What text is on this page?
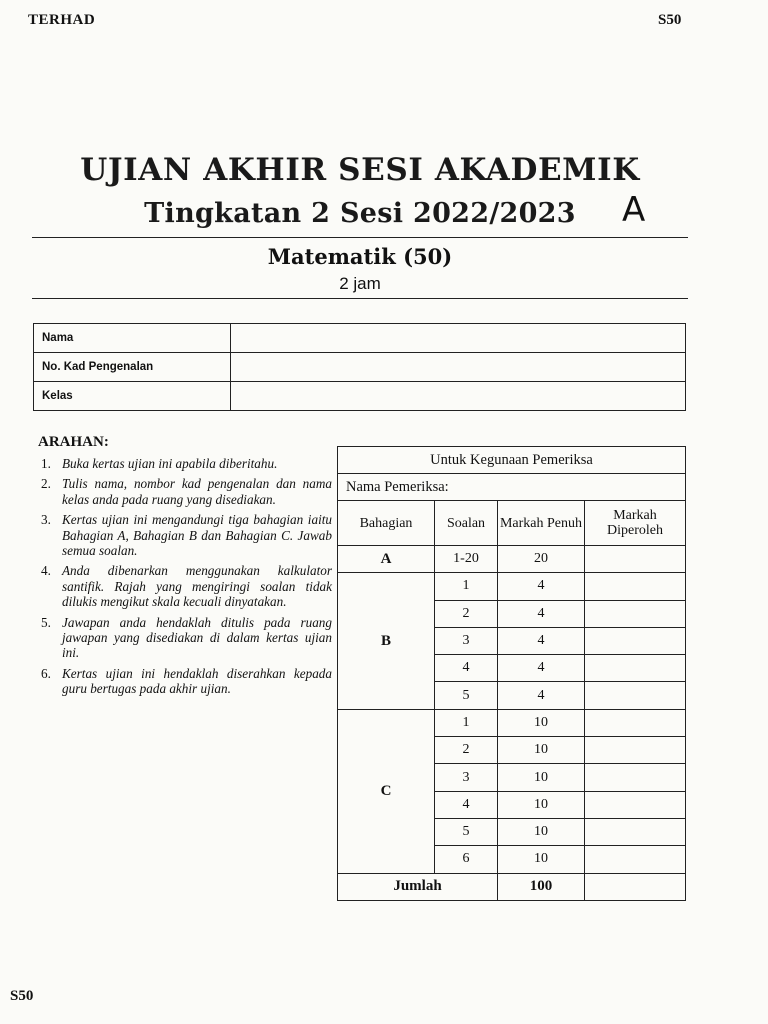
TERHAD	S50
UJIAN AKHIR SESI AKADEMIK
Tingkatan 2 Sesi 2022/2023	A
Matematik (50)
2 jam
Nama	
No. Kad Pengenalan	
Kelas	
ARAHAN:
1. Buka kertas ujian ini apabila diberitahu.
2. Tulis nama, nombor kad pengenalan dan nama kelas anda pada ruang yang disediakan.
3. Kertas ujian ini mengandungi tiga bahagian iaitu Bahagian A, Bahagian B dan Bahagian C. Jawab semua soalan.
4. Anda dibenarkan menggunakan kalkulator santifik. Rajah yang mengiringi soalan tidak dilukis mengikut skala kecuali dinyatakan.
5. Jawapan anda hendaklah ditulis pada ruang jawapan yang disediakan di dalam kertas ujian ini.
6. Kertas ujian ini hendaklah diserahkan kepada guru bertugas pada akhir ujian.
Untuk Kegunaan Pemeriksa			
Nama Pemeriksa:			
Bahagian	Soalan	Markah Penuh	Markah Diperoleh
A	1-20	20	
B	1	4	
	2	4	
	3	4	
	4	4	
	5	4	
C	1	10	
	2	10	
	3	10	
	4	10	
	5	10	
	6	10	
Jumlah		100	
S50
